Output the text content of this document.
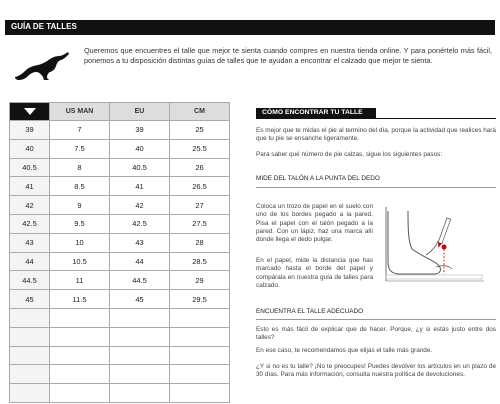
GUÍA DE TALLES
Queremos que encuentres el talle que mejor te sienta cuando compres en nuestra tienda online. Y para ponértelo más fácil, ponemos a tu disposición distintas guías de talles que te ayudan a encontrar el calzado que mejor te sienta.
	US MAN	EU	CM
39	7	39	25
40	7.5	40	25.5
40.5	8	40.5	26
41	8.5	41	26.5
42	9	42	27
42.5	9.5	42.5	27.5
43	10	43	28
44	10.5	44	28.5
44.5	11	44.5	29
45	11.5	45	29.5

CÓMO ENCONTRAR TU TALLE
Es mejor que te midas el pie al termino del día, porque la actividad que realices hará que tu pie se ensanche ligeramente.
Para saber qué número de pie calzas, sigue los siguientes pasos:
MIDE DEL TALÓN A LA PUNTA DEL DEDO
Coloca un trozo de papel en el suelo con uno de los bordes pegado a la pared. Pisa el papel con el talón pegado a la pared. Con un lápiz, haz una marca allí donde llega el dedo pulgar.
En el papel, mide la distancia que has marcado hasta el borde del papel y compárala en nuestra guía de talles para calzado.
ENCUENTRA EL TALLE ADECUADO
Esto es más fácil de explicar que de hacer. Porque, ¿y si estás justo entre dos talles?
En ese caso, te recomendamos que elijas el talle más grande.
¿Y si no es tu talle? ¡No te preocupes! Puedes devolver los artículos en un plazo de 30 días. Para más información, consulta nuestra política de devoluciones.
